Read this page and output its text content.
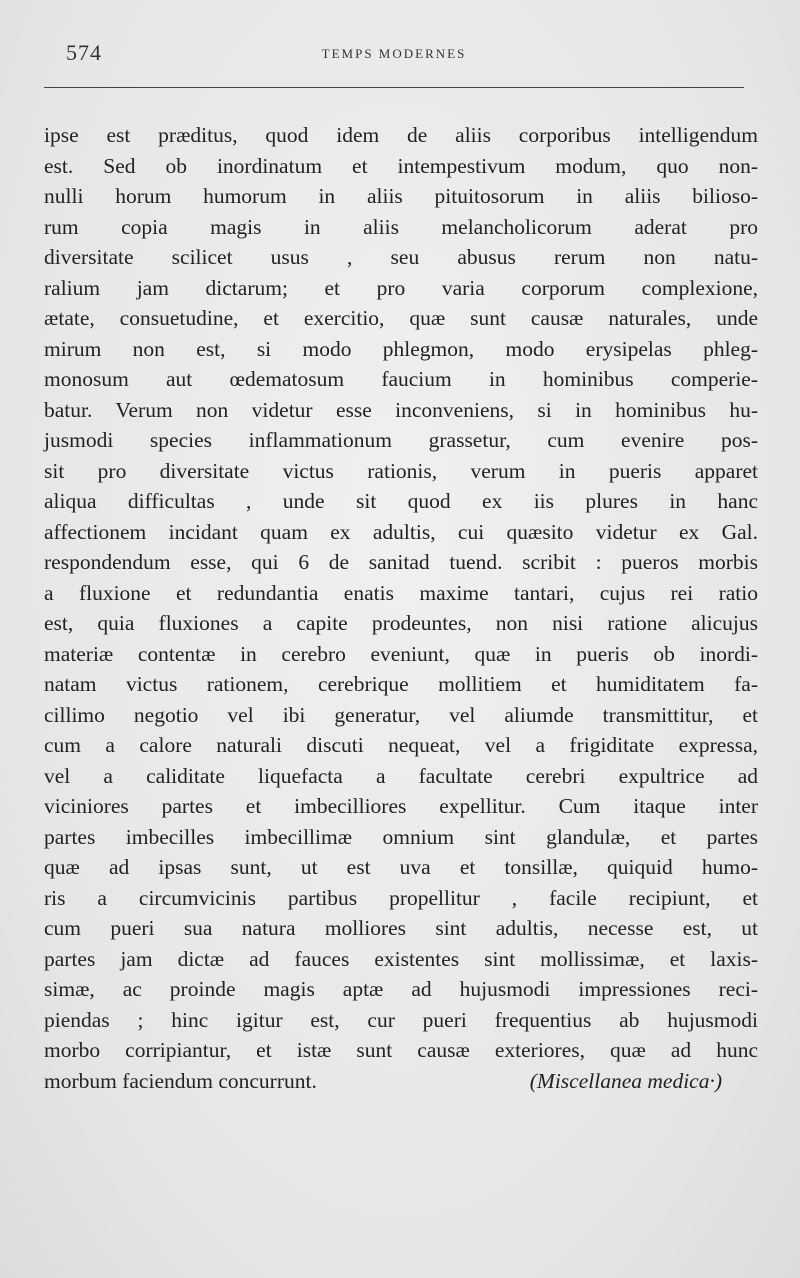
574	TEMPS MODERNES
ipse est præditus, quod idem de aliis corporibus intelligendum
est. Sed ob inordinatum et intempestivum modum, quo non-
nulli horum humorum in aliis pituitosorum in aliis biliosо-
rum copia magis in aliis melancholicorum aderat pro
diversitate scilicet usus , seu abusus rerum non natu-
ralium jam dictarum; et pro varia corporum complexione,
ætate, consuetudine, et exercitio, quæ sunt causæ naturales, unde
mirum non est, si modo phlegmon, modo erysipelas phleg-
monosum aut œdematosum faucium in hominibus comperie-
batur. Verum non videtur esse inconveniens, si in hominibus hu-
jusmodi species inflammationum grassetur, cum evenire pos-
sit pro diversitate victus rationis, verum in pueris apparet
aliqua difficultas , unde sit quod ex iis plures in hanc
affectionem incidant quam ex adultis, cui quæsito videtur ex Gal.
respondendum esse, qui 6 de sanitad tuend. scribit : pueros morbis
a fluxione et redundantia enatis maxime tantari, cujus rei ratio
est, quia fluxiones a capite prodeuntes, non nisi ratione alicujus
materiæ contentæ in cerebro eveniunt, quæ in pueris ob inordi-
natam victus rationem, cerebrique mollitiem et humiditatem fa-
cillimo negotio vel ibi generatur, vel aliumde transmittitur, et
cum a calore naturali discuti nequeat, vel a frigiditate expressa,
vel a caliditate liquefacta a facultate cerebri expultrice ad
viciniores partes et imbecilliores expellitur. Cum itaque inter
partes imbecilles imbecillimæ omnium sint glandulæ, et partes
quæ ad ipsas sunt, ut est uva et tonsillæ, quiquid humo-
ris a circumvicinis partibus propellitur , facile recipiunt, et
cum pueri sua natura molliores sint adultis, necesse est, ut
partes jam dictæ ad fauces existentes sint mollissimæ, et laxis-
simæ, ac proinde magis aptæ ad hujusmodi impressiones reci-
piendas ; hinc igitur est, cur pueri frequentius ab hujusmodi
morbo corripiantur, et istæ sunt causæ exteriores, quæ ad hunc
morbum faciendum concurrunt.	(Miscellanea medica·)
